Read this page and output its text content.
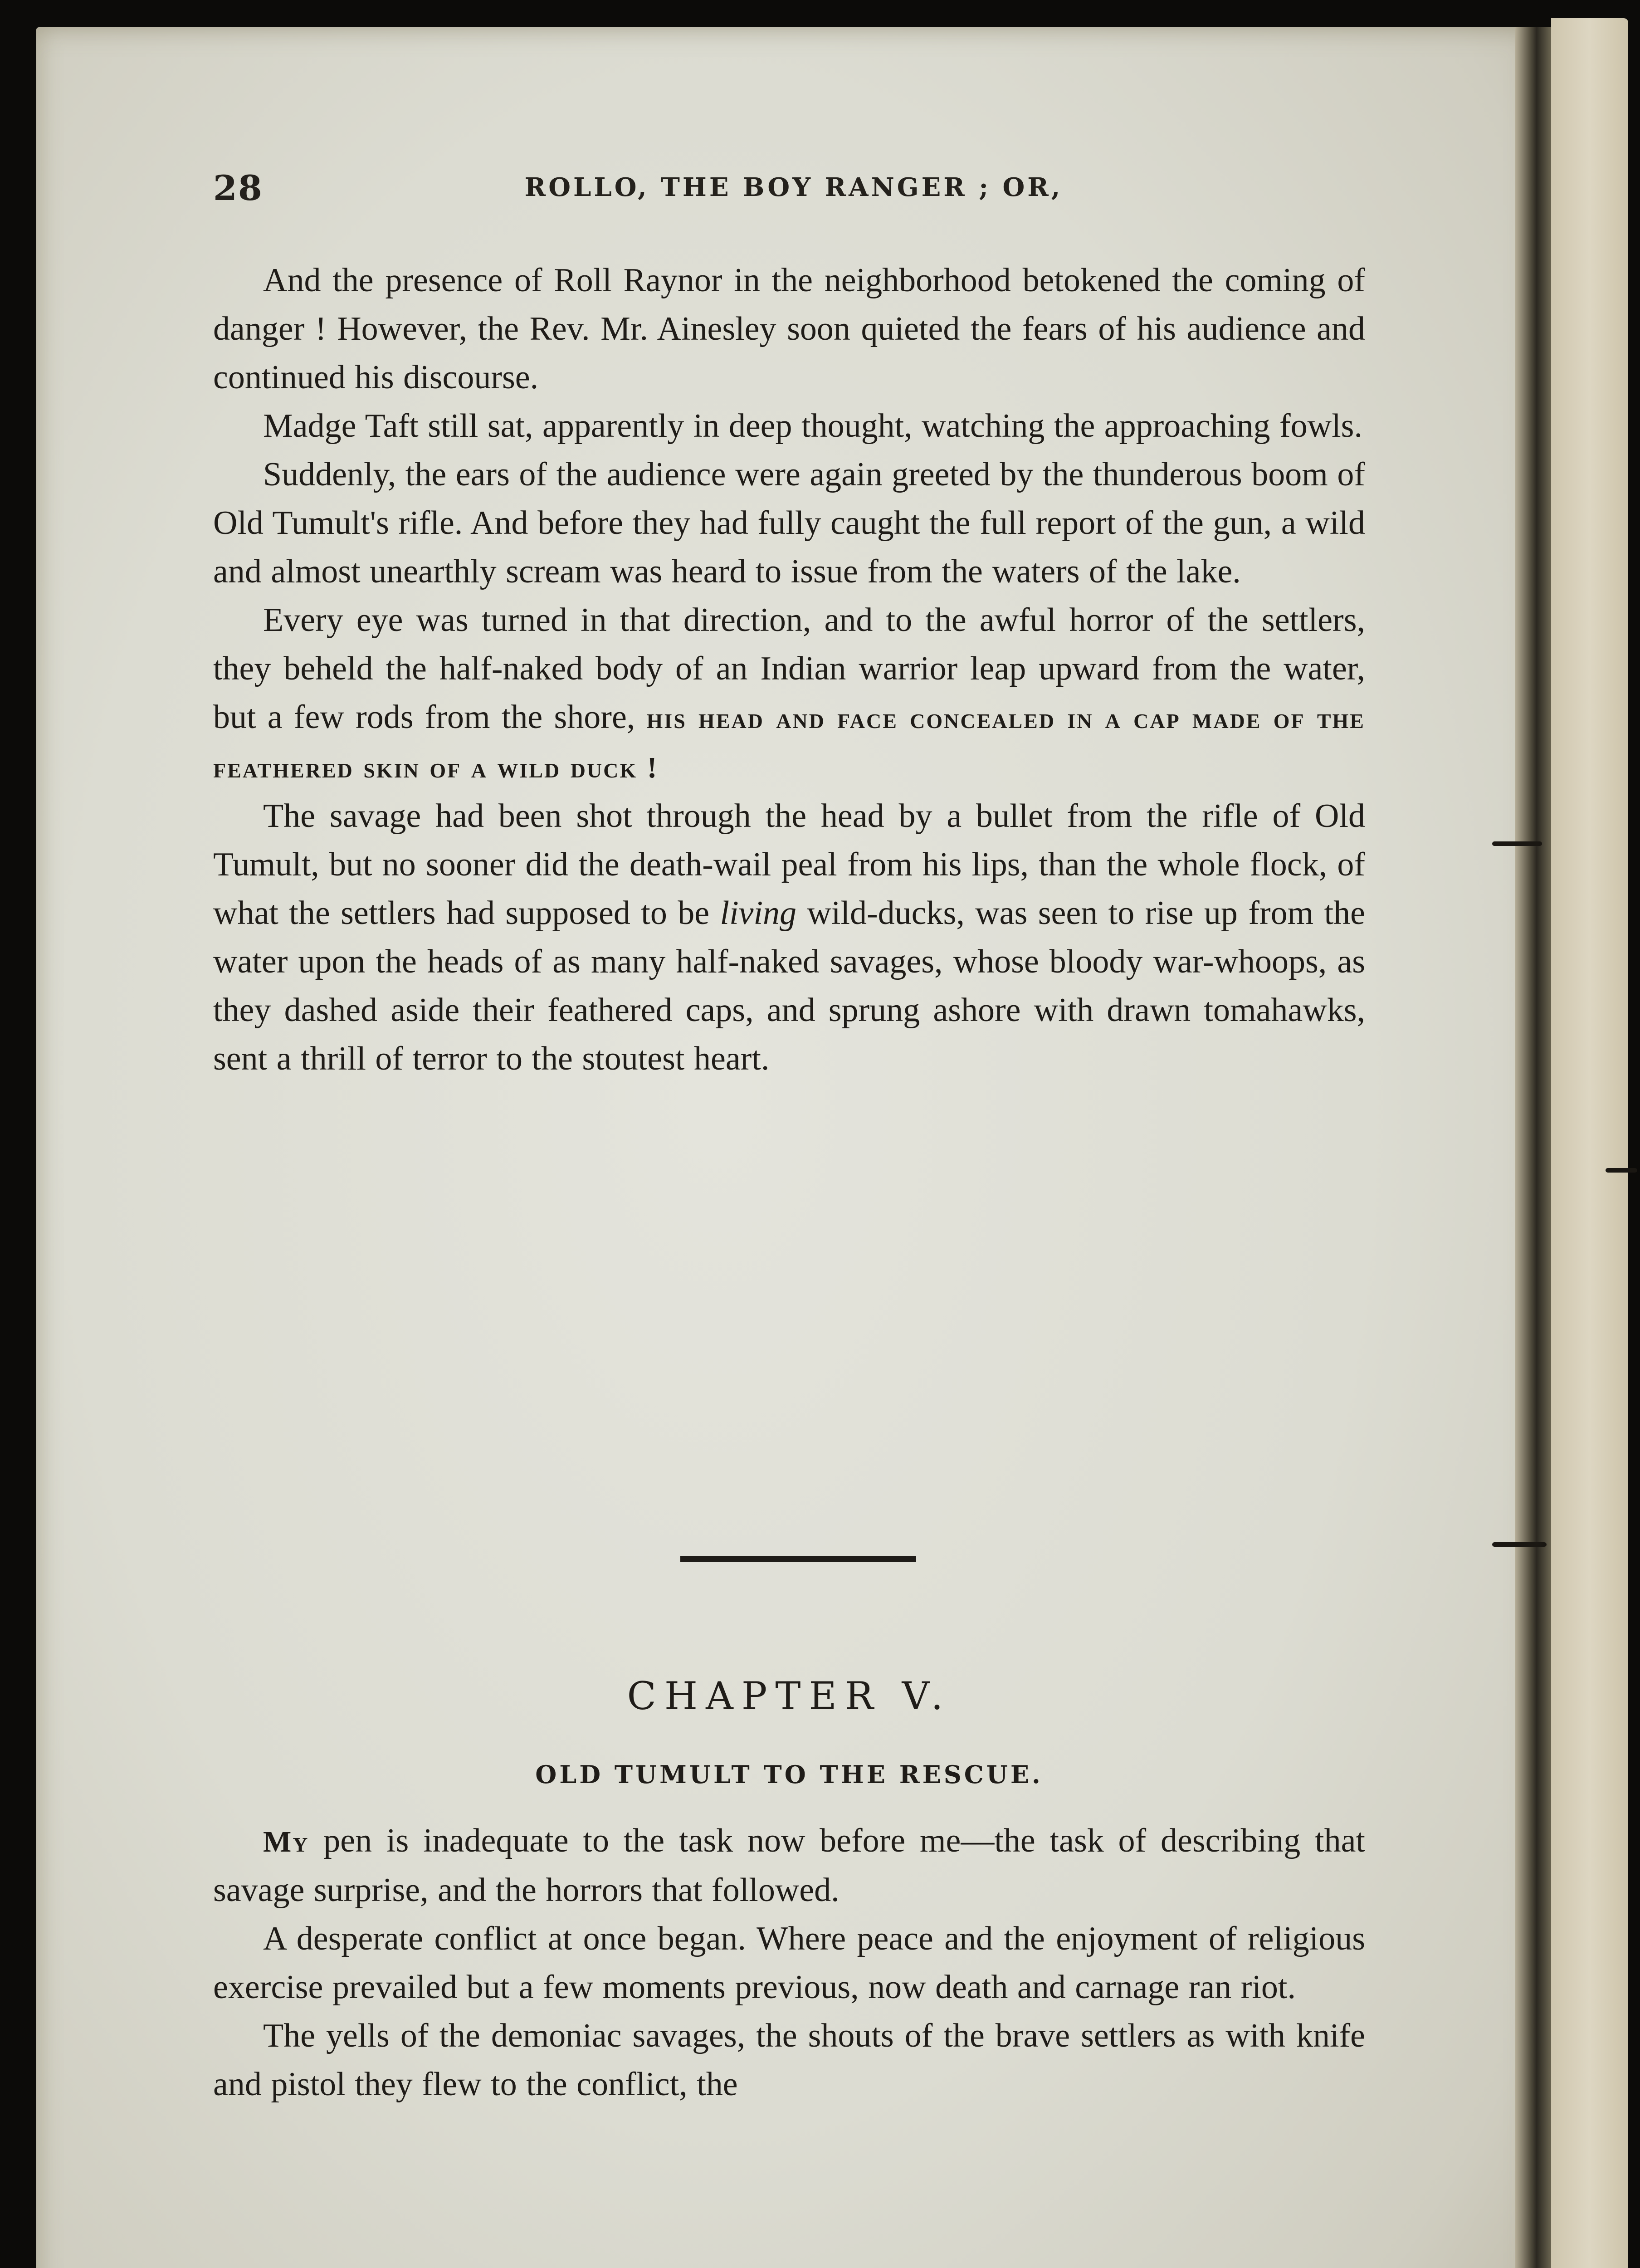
28	ROLLO, THE BOY RANGER ; OR,

And the presence of Roll Raynor in the neighborhood betokened the coming of danger ! However, the Rev. Mr. Ainesley soon quieted the fears of his audience and continued his discourse.

Madge Taft still sat, apparently in deep thought, watching the approaching fowls.

Suddenly, the ears of the audience were again greeted by the thunderous boom of Old Tumult's rifle. And before they had fully caught the full report of the gun, a wild and almost unearthly scream was heard to issue from the waters of the lake.

Every eye was turned in that direction, and to the awful horror of the settlers, they beheld the half-naked body of an Indian warrior leap upward from the water, but a few rods from the shore, his head and face concealed in a cap made of the feathered skin of a wild duck !

The savage had been shot through the head by a bullet from the rifle of Old Tumult, but no sooner did the death-wail peal from his lips, than the whole flock, of what the settlers had supposed to be living wild-ducks, was seen to rise up from the water upon the heads of as many half-naked savages, whose bloody war-whoops, as they dashed aside their feathered caps, and sprung ashore with drawn tomahawks, sent a thrill of terror to the stoutest heart.

CHAPTER V.
OLD TUMULT TO THE RESCUE.

My pen is inadequate to the task now before me—the task of describing that savage surprise, and the horrors that followed.

A desperate conflict at once began. Where peace and the enjoyment of religious exercise prevailed but a few moments previous, now death and carnage ran riot.

The yells of the demoniac savages, the shouts of the brave settlers as with knife and pistol they flew to the conflict, the
